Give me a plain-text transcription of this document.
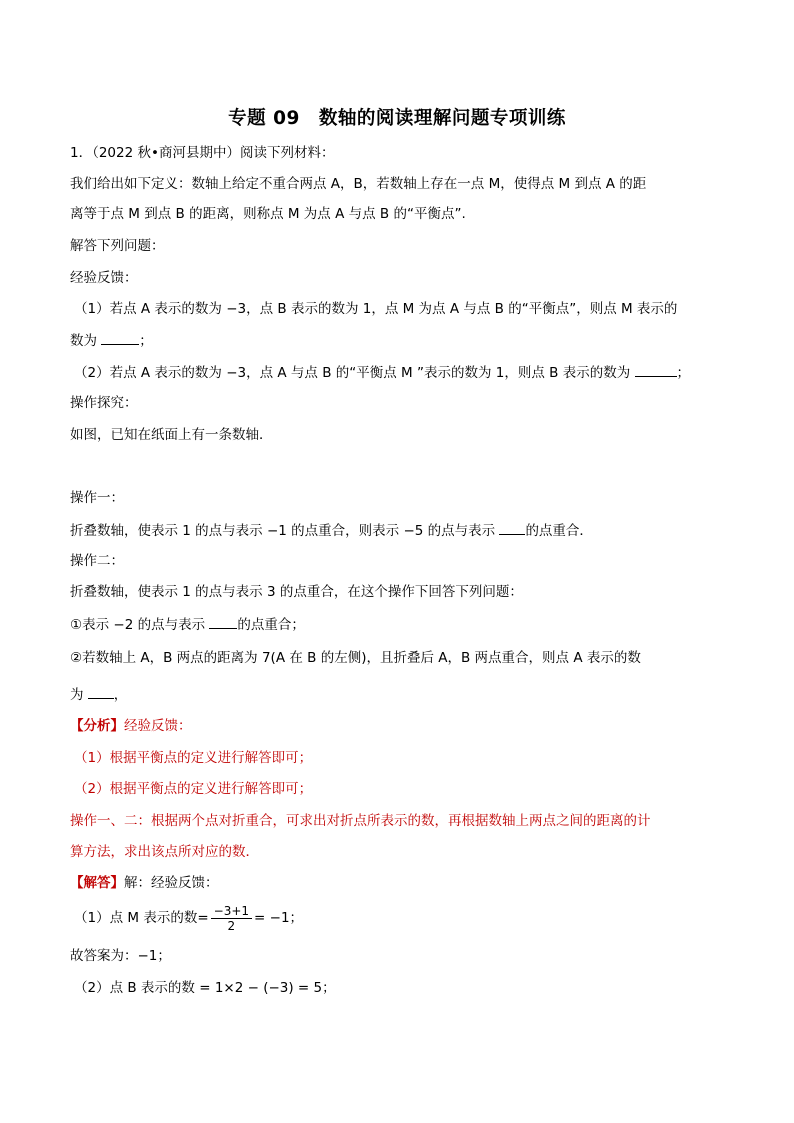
专题 09　数轴的阅读理解问题专项训练
1．（2022 秋•商河县期中）阅读下列材料：
我们给出如下定义：数轴上给定不重合两点 A，B，若数轴上存在一点 M，使得点 M 到点 A 的距
离等于点 M 到点 B 的距离，则称点 M 为点 A 与点 B 的“平衡点”.
解答下列问题：
经验反馈：
（1）若点 A 表示的数为 −3，点 B 表示的数为 1，点 M 为点 A 与点 B 的“平衡点”，则点 M 表示的
数为	；
（2）若点 A 表示的数为 −3，点 A 与点 B 的“平衡点 M ”表示的数为 1，则点 B 表示的数为	；
操作探究：
如图，已知在纸面上有一条数轴．
操作一：
折叠数轴，使表示 1 的点与表示 −1 的点重合，则表示 −5 的点与表示 的点重合．
操作二：
折叠数轴，使表示 1 的点与表示 3 的点重合，在这个操作下回答下列问题：
①表示 −2 的点与表示 的点重合；
②若数轴上 A，B 两点的距离为 7(A 在 B 的左侧)，且折叠后 A，B 两点重合，则点 A 表示的数
为 ，
【分析】经验反馈：
（1）根据平衡点的定义进行解答即可；
（2）根据平衡点的定义进行解答即可；
操作一、二：根据两个点对折重合，可求出对折点所表示的数，再根据数轴上两点之间的距离的计
算方法，求出该点所对应的数．
【解答】解：经验反馈：
（1）点 M 表示的数= $\frac{-3+1}{2} = -1$；
故答案为：−1；
（2）点 B 表示的数 = 1×2 − (−3) = 5；
